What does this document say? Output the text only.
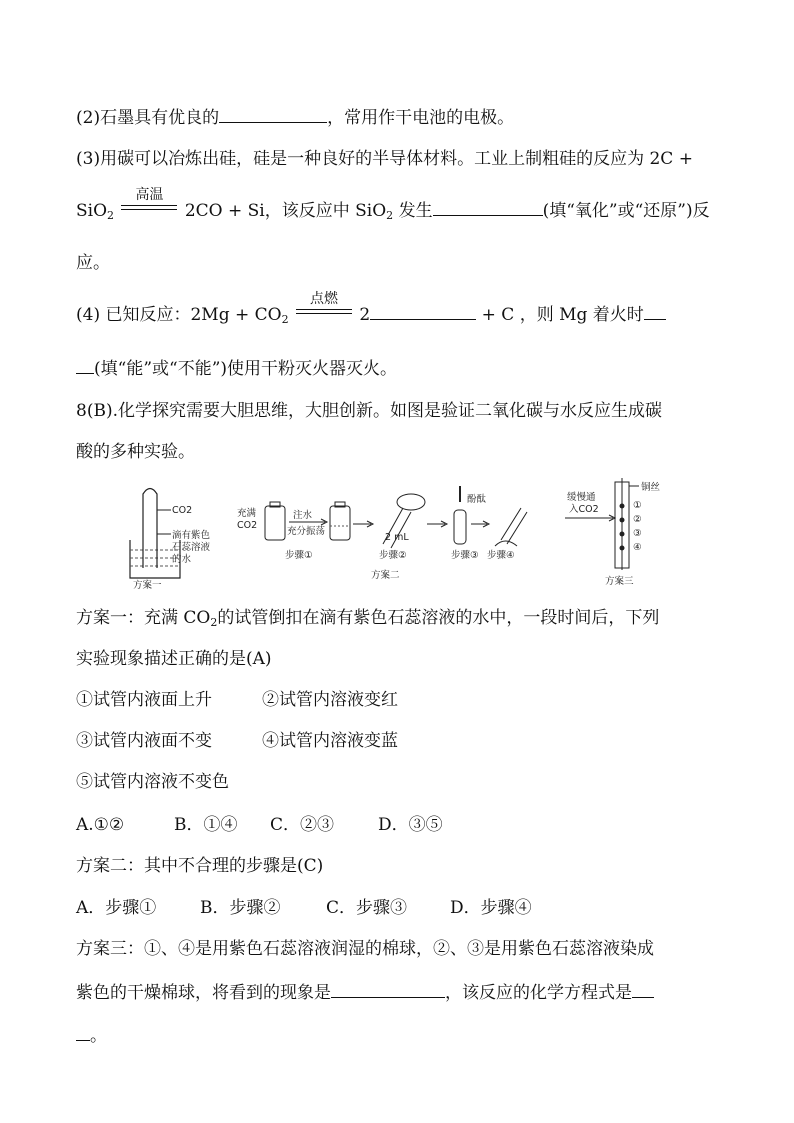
(2)石墨具有优良的	，常用作干电池的电极。
(3)用碳可以冶炼出硅，硅是一种良好的半导体材料。工业上制粗硅的反应为 2C +
SiO$_2$
高温
2CO + Si，该反应中 SiO$_2$ 发生	(填“氧化”或“还原”)反
应。
(4) 已知反应：$2Mg + CO_2$
点燃
2	+ C ，则 Mg 着火时
(填“能”或“不能”)使用干粉灭火器灭火。
8(B).化学探究需要大胆思维，大胆创新。如图是验证二氧化碳与水反应生成碳
酸的多种实验。
CO2
滴有紫色
石蕊溶液
的水
方案一
充满
CO2
注水
充分振荡
步骤①
2 mL
步骤②
酚酞
步骤③ 步骤④
方案二
缓慢通
入CO2
铜丝
①
②
③
④
方案三
方案一：充满 $CO_2$的试管倒扣在滴有紫色石蕊溶液的水中，一段时间后，下列
实验现象描述正确的是(A)
①试管内液面上升	②试管内溶液变红
③试管内液面不变	④试管内溶液变蓝
⑤试管内溶液不变色
A.①②	B．①④ C．②③	D．③⑤
方案二：其中不合理的步骤是(C)
A．步骤①	B．步骤②	C．步骤③	D．步骤④
方案三：①、④是用紫色石蕊溶液润湿的棉球，②、③是用紫色石蕊溶液染成
紫色的干燥棉球，将看到的现象是	，该反应的化学方程式是
。
